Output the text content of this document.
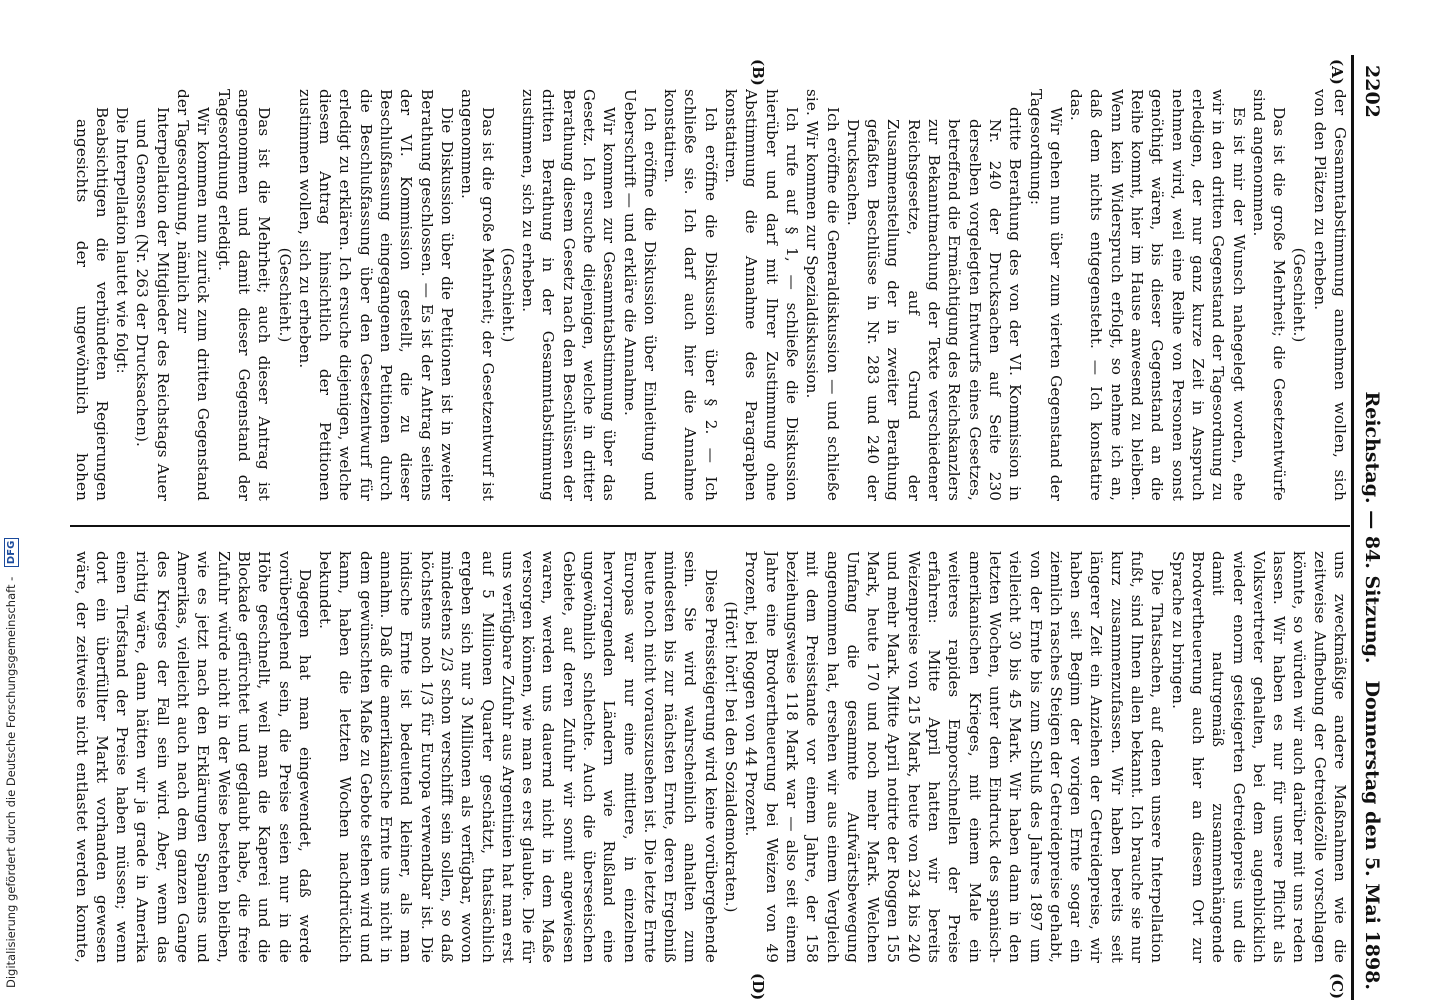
2202
Reichstag. — 84. Sitzung.
Donnerstag den 5. Mai 1898.
(A)
(B)
(C)
(D)

der Gesammtabstimmung annehmen wollen, sich von den Plätzen zu erheben.

(Geschieht.)

Das ist die große Mehrheit; die Gesetzentwürfe sind angenommen.

Es ist mir der Wunsch nahegelegt worden, ehe wir in den dritten Gegenstand der Tagesordnung zu erledigen, der nur ganz kurze Zeit in Anspruch nehmen wird, weil eine Reihe von Personen sonst genöthigt wären, bis dieser Gegenstand an die Reihe kommt, hier im Hause anwesend zu bleiben. Wenn kein Widerspruch erfolgt, so nehme ich an, daß dem nichts entgegensteht. — Ich konstatire das.

Wir gehen nun über zum vierten Gegenstand der Tagesordnung:

dritte Berathung des von der VI. Kommission in Nr. 240 der Drucksachen auf Seite 230 derselben vorgelegten Entwurfs eines Gesetzes, betreffend die Ermächtigung des Reichskanzlers zur Bekanntmachung der Texte verschiedener Reichsgesetze, auf Grund der Zusammenstellung der in zweiter Berathung gefaßten Beschlüsse in Nr. 283 und 240 der Drucksachen.

Ich eröffne die Generaldiskussion — und schließe sie. Wir kommen zur Spezialdiskussion.

Ich rufe auf § 1, — schließe die Diskussion hierüber und darf mit Ihrer Zustimmung ohne Abstimmung die Annahme des Paragraphen konstatiren.

Ich eröffne die Diskussion über § 2. — Ich schließe sie. Ich darf auch hier die Annahme konstatiren.

Ich eröffne die Diskussion über Einleitung und Ueberschrift — und erkläre die Annahme.

Wir kommen zur Gesammtabstimmung über das Gesetz. Ich ersuche diejenigen, welche in dritter Berathung diesem Gesetz nach den Beschlüssen der dritten Berathung in der Gesammtabstimmung zustimmen, sich zu erheben.

(Geschieht.)

Das ist die große Mehrheit; der Gesetzentwurf ist angenommen.

Die Diskussion über die Petitionen ist in zweiter Berathung geschlossen. — Es ist der Antrag seitens der VI. Kommission gestellt, die zu dieser Beschlußfassung eingegangenen Petitionen durch die Beschlußfassung über den Gesetzentwurf für erledigt zu erklären. Ich ersuche diejenigen, welche diesem Antrag hinsichtlich der Petitionen zustimmen wollen, sich zu erheben.

(Geschieht.)

Das ist die Mehrheit; auch dieser Antrag ist angenommen und damit dieser Gegenstand der Tagesordnung erledigt.

Wir kommen nun zurück zum dritten Gegenstand der Tagesordnung, nämlich zur

Interpellation der Mitglieder des Reichstags Auer und Genossen (Nr. 263 der Drucksachen).

Die Interpellation lautet wie folgt:

Beabsichtigen die verbündeten Regierungen angesichts der ungewöhnlich hohen

uns zweckmäßige andere Maßnahmen wie die zeitweise Aufhebung der Getreidezölle vorschlagen könnte, so würden wir auch darüber mit uns reden lassen. Wir haben es nur für unsere Pflicht als Volksvertreter gehalten, bei dem augenblicklich wieder enorm gesteigerten Getreidepreis und die damit naturgemäß zusammenhängende Brodvertheuerung auch hier an diesem Ort zur Sprache zu bringen.

Die Thatsachen, auf denen unsere Interpellation fußt, sind Ihnen allen bekannt. Ich brauche sie nur kurz zusammenzufassen. Wir haben bereits seit längerer Zeit ein Anziehen der Getreidepreise, wir haben seit Beginn der vorigen Ernte sogar ein ziemlich rasches Steigen der Getreidepreise gehabt, von der Ernte bis zum Schluß des Jahres 1897 um vielleicht 30 bis 45 Mark. Wir haben dann in den letzten Wochen, unter dem Eindruck des spanisch-amerikanischen Krieges, mit einem Male ein weiteres rapides Emporschnellen der Preise erfahren: Mitte April hatten wir bereits Weizenpreise von 215 Mark, heute von 234 bis 240 und mehr Mark. Mitte April notirte der Roggen 155 Mark, heute 170 und noch mehr Mark. Welchen Umfang die gesammte Aufwärtsbewegung angenommen hat, ersehen wir aus einem Vergleich mit dem Preisstande vor einem Jahre, der 158 beziehungsweise 118 Mark war — also seit einem Jahre eine Brodvertheuerung bei Weizen von 49 Prozent, bei Roggen von 44 Prozent.

(Hört! hört! bei den Sozialdemokraten.)

Diese Preissteigerung wird keine vorübergehende sein. Sie wird wahrscheinlich anhalten zum mindesten bis zur nächsten Ernte, deren Ergebniß heute noch nicht vorauszusehen ist. Die letzte Ernte Europas war nur eine mittlere, in einzelnen hervorragenden Ländern wie Rußland eine ungewöhnlich schlechte. Auch die überseeischen Gebiete, auf deren Zufuhr wir somit angewiesen waren, werden uns dauernd nicht in dem Maße versorgen können, wie man es erst glaubte. Die für uns verfügbare Zufuhr aus Argentinien hat man erst auf 5 Millionen Quarter geschätzt, thatsächlich ergeben sich nur 3 Millionen als verfügbar, wovon mindestens 2/3 schon verschifft sein sollen, so daß höchstens noch 1/3 für Europa verwendbar ist. Die indische Ernte ist bedeutend kleiner, als man annahm. Daß die amerikanische Ernte uns nicht in dem gewünschten Maße zu Gebote stehen wird und kann, haben die letzten Wochen nachdrücklich bekundet.

Dagegen hat man eingewendet, daß werde vorübergehend sein, die Preise seien nur in die Höhe geschnellt, weil man die Kaperei und die Blockade gefürchtet und geglaubt habe, die freie Zufuhr würde nicht in der Weise bestehen bleiben, wie es jetzt nach den Erklärungen Spaniens und Amerikas, vielleicht auch nach dem ganzen Gange des Krieges der Fall sein wird. Aber, wenn das richtig wäre, dann hätten wir ja grade in Amerika einen Tiefstand der Preise haben müssen; wenn dort ein überfüllter Markt vorhanden gewesen wäre, der zeitweise nicht entlastet werden konnte,

Digitalisierung gefördert durch die Deutsche Forschungsgemeinschaft - DFG
